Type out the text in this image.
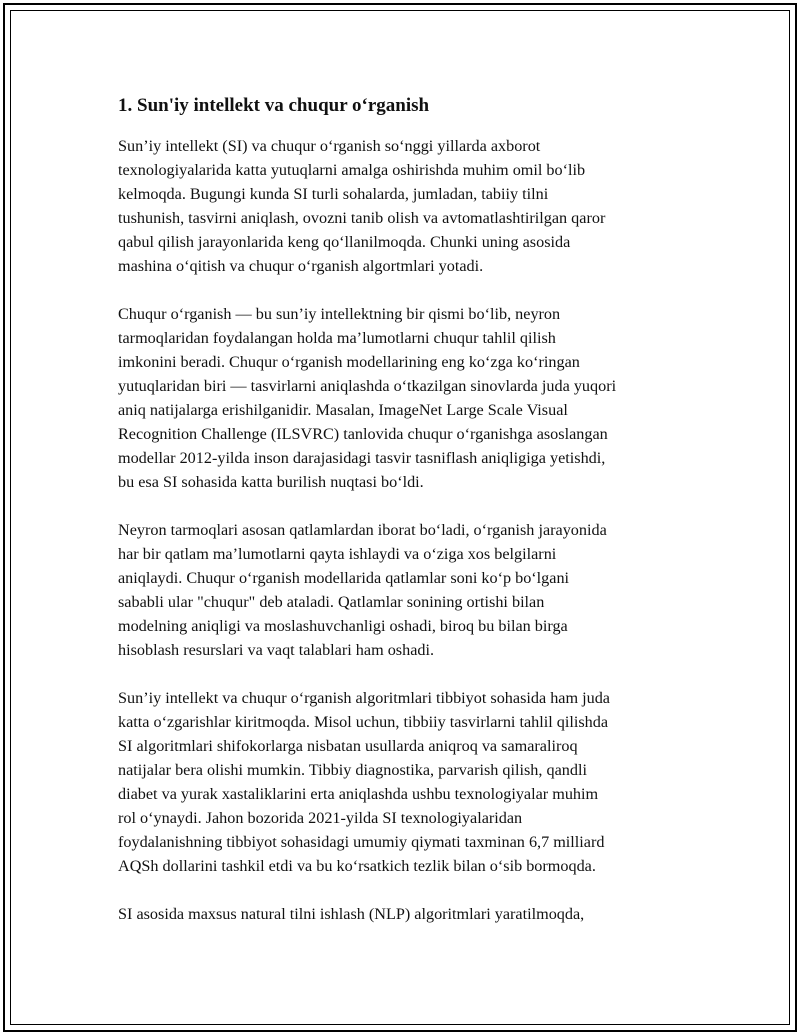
1. Sun'iy intellekt va chuqur o‘rganish

Sun’iy intellekt (SI) va chuqur o‘rganish so‘nggi yillarda axborot
texnologiyalarida katta yutuqlarni amalga oshirishda muhim omil bo‘lib
kelmoqda. Bugungi kunda SI turli sohalarda, jumladan, tabiiy tilni
tushunish, tasvirni aniqlash, ovozni tanib olish va avtomatlashtirilgan qaror
qabul qilish jarayonlarida keng qo‘llanilmoqda. Chunki uning asosida
mashina o‘qitish va chuqur o‘rganish algortmlari yotadi.

Chuqur o‘rganish — bu sun’iy intellektning bir qismi bo‘lib, neyron
tarmoqlaridan foydalangan holda ma’lumotlarni chuqur tahlil qilish
imkonini beradi. Chuqur o‘rganish modellarining eng ko‘zga ko‘ringan
yutuqlaridan biri — tasvirlarni aniqlashda o‘tkazilgan sinovlarda juda yuqori
aniq natijalarga erishilganidir. Masalan, ImageNet Large Scale Visual
Recognition Challenge (ILSVRC) tanlovida chuqur o‘rganishga asoslangan
modellar 2012-yilda inson darajasidagi tasvir tasniflash aniqligiga yetishdi,
bu esa SI sohasida katta burilish nuqtasi bo‘ldi.

Neyron tarmoqlari asosan qatlamlardan iborat bo‘ladi, o‘rganish jarayonida
har bir qatlam ma’lumotlarni qayta ishlaydi va o‘ziga xos belgilarni
aniqlaydi. Chuqur o‘rganish modellarida qatlamlar soni ko‘p bo‘lgani
sababli ular "chuqur" deb ataladi. Qatlamlar sonining ortishi bilan
modelning aniqligi va moslashuvchanligi oshadi, biroq bu bilan birga
hisoblash resurslari va vaqt talablari ham oshadi.

Sun’iy intellekt va chuqur o‘rganish algoritmlari tibbiyot sohasida ham juda
katta o‘zgarishlar kiritmoqda. Misol uchun, tibbiiy tasvirlarni tahlil qilishda
SI algoritmlari shifokorlarga nisbatan usullarda aniqroq va samaraliroq
natijalar bera olishi mumkin. Tibbiy diagnostika, parvarish qilish, qandli
diabet va yurak xastaliklarini erta aniqlashda ushbu texnologiyalar muhim
rol o‘ynaydi. Jahon bozorida 2021-yilda SI texnologiyalaridan
foydalanishning tibbiyot sohasidagi umumiy qiymati taxminan 6,7 milliard
AQSh dollarini tashkil etdi va bu ko‘rsatkich tezlik bilan o‘sib bormoqda.

SI asosida maxsus natural tilni ishlash (NLP) algoritmlari yaratilmoqda,
